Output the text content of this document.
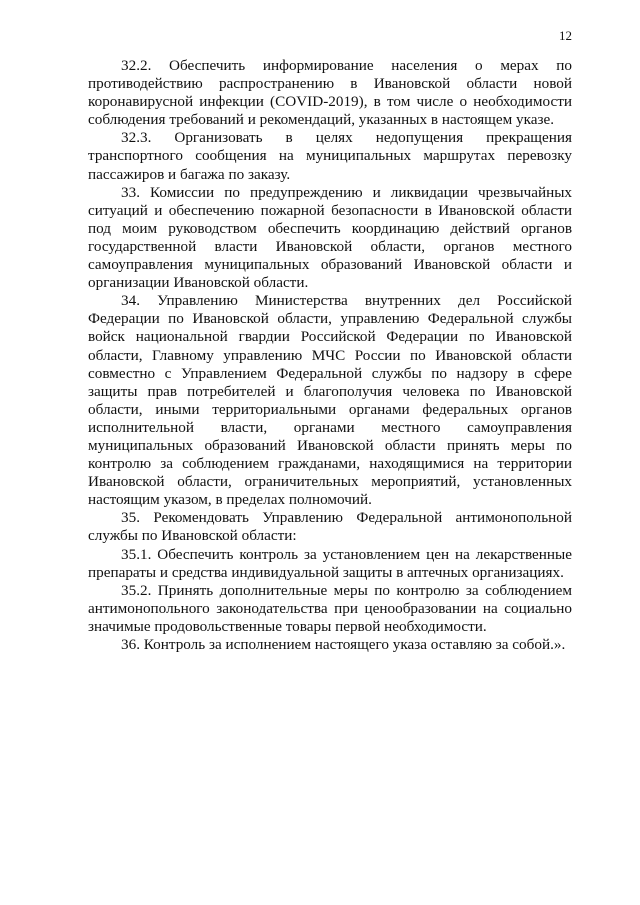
12

32.2. Обеспечить информирование населения о мерах по противодействию распространению в Ивановской области новой коронавирусной инфекции (COVID-2019), в том числе о необходимости соблюдения требований и рекомендаций, указанных в настоящем указе.

32.3. Организовать в целях недопущения прекращения транспортного сообщения на муниципальных маршрутах перевозку пассажиров и багажа по заказу.

33. Комиссии по предупреждению и ликвидации чрезвычайных ситуаций и обеспечению пожарной безопасности в Ивановской области под моим руководством обеспечить координацию действий органов государственной власти Ивановской области, органов местного самоуправления муниципальных образований Ивановской области и организации Ивановской области.

34. Управлению Министерства внутренних дел Российской Федерации по Ивановской области, управлению Федеральной службы войск национальной гвардии Российской Федерации по Ивановской области, Главному управлению МЧС России по Ивановской области совместно с Управлением Федеральной службы по надзору в сфере защиты прав потребителей и благополучия человека по Ивановской области, иными территориальными органами федеральных органов исполнительной власти, органами местного самоуправления муниципальных образований Ивановской области принять меры по контролю за соблюдением гражданами, находящимися на территории Ивановской области, ограничительных мероприятий, установленных настоящим указом, в пределах полномочий.

35. Рекомендовать Управлению Федеральной антимонопольной службы по Ивановской области:

35.1. Обеспечить контроль за установлением цен на лекарственные препараты и средства индивидуальной защиты в аптечных организациях.

35.2. Принять дополнительные меры по контролю за соблюдением антимонопольного законодательства при ценообразовании на социально значимые продовольственные товары первой необходимости.

36. Контроль за исполнением настоящего указа оставляю за собой.».
